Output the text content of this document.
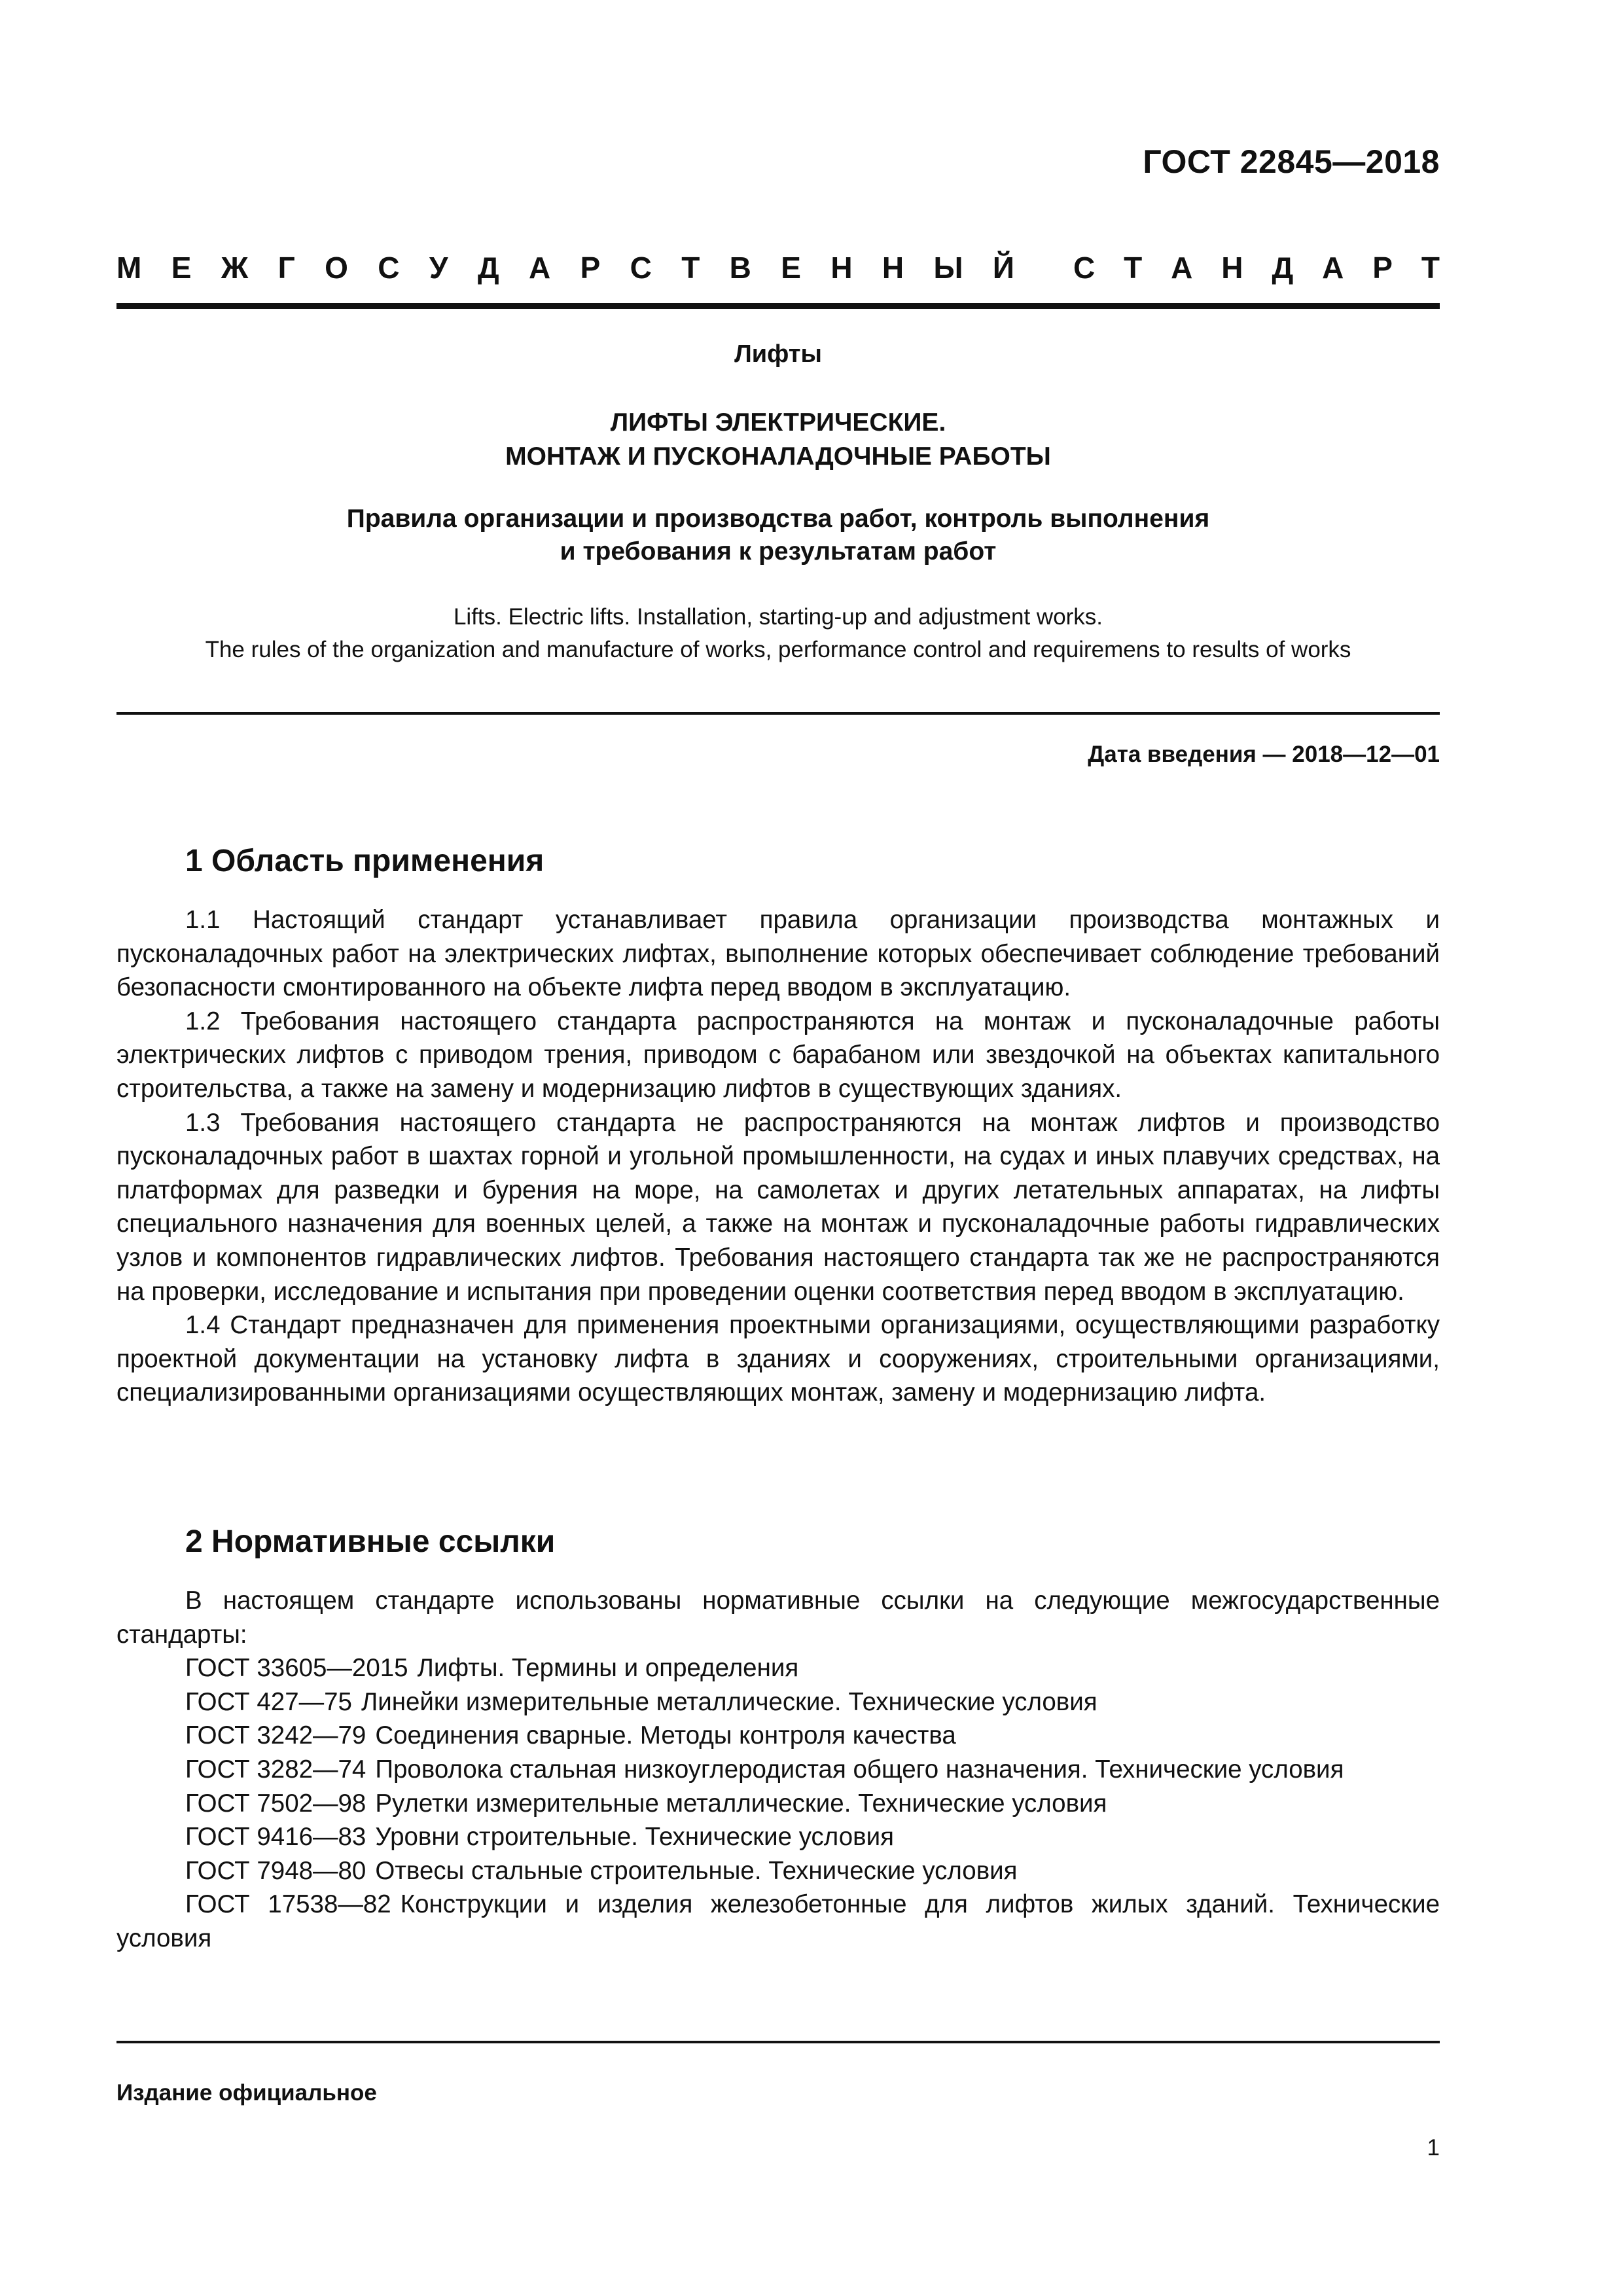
ГОСТ 22845—2018
М Е Ж Г О С У Д А Р С Т В Е Н Н Ы Й С Т А Н Д А Р Т
Лифты
ЛИФТЫ ЭЛЕКТРИЧЕСКИЕ.
МОНТАЖ И ПУСКОНАЛАДОЧНЫЕ РАБОТЫ
Правила организации и производства работ, контроль выполнения
и требования к результатам работ
Lifts. Electric lifts. Installation, starting-up and adjustment works.
The rules of the organization and manufacture of works, performance control and requiremens to results of works
Дата введения — 2018—12—01
1 Область применения

1.1 Настоящий стандарт устанавливает правила организации производства монтажных и пусконаладочных работ на электрических лифтах, выполнение которых обеспечивает соблюдение требований безопасности смонтированного на объекте лифта перед вводом в эксплуатацию.

1.2 Требования настоящего стандарта распространяются на монтаж и пусконаладочные работы электрических лифтов с приводом трения, приводом с барабаном или звездочкой на объектах капитального строительства, а также на замену и модернизацию лифтов в существующих зданиях.

1.3 Требования настоящего стандарта не распространяются на монтаж лифтов и производство пусконаладочных работ в шахтах горной и угольной промышленности, на судах и иных плавучих средствах, на платформах для разведки и бурения на море, на самолетах и других летательных аппаратах, на лифты специального назначения для военных целей, а также на монтаж и пусконаладочные работы гидравлических узлов и компонентов гидравлических лифтов. Требования настоящего стандарта так же не распространяются на проверки, исследование и испытания при проведении оценки соответствия перед вводом в эксплуатацию.

1.4 Стандарт предназначен для применения проектными организациями, осуществляющими разработку проектной документации на установку лифта в зданиях и сооружениях, строительными организациями, специализированными организациями осуществляющих монтаж, замену и модернизацию лифта.

2 Нормативные ссылки

В настоящем стандарте использованы нормативные ссылки на следующие межгосударственные стандарты:

ГОСТ 33605—2015 Лифты. Термины и определения
ГОСТ 427—75 Линейки измерительные металлические. Технические условия
ГОСТ 3242—79 Соединения сварные. Методы контроля качества
ГОСТ 3282—74 Проволока стальная низкоуглеродистая общего назначения. Технические условия
ГОСТ 7502—98 Рулетки измерительные металлические. Технические условия
ГОСТ 9416—83 Уровни строительные. Технические условия
ГОСТ 7948—80 Отвесы стальные строительные. Технические условия
ГОСТ 17538—82 Конструкции и изделия железобетонные для лифтов жилых зданий. Технические условия
Издание официальное
1
